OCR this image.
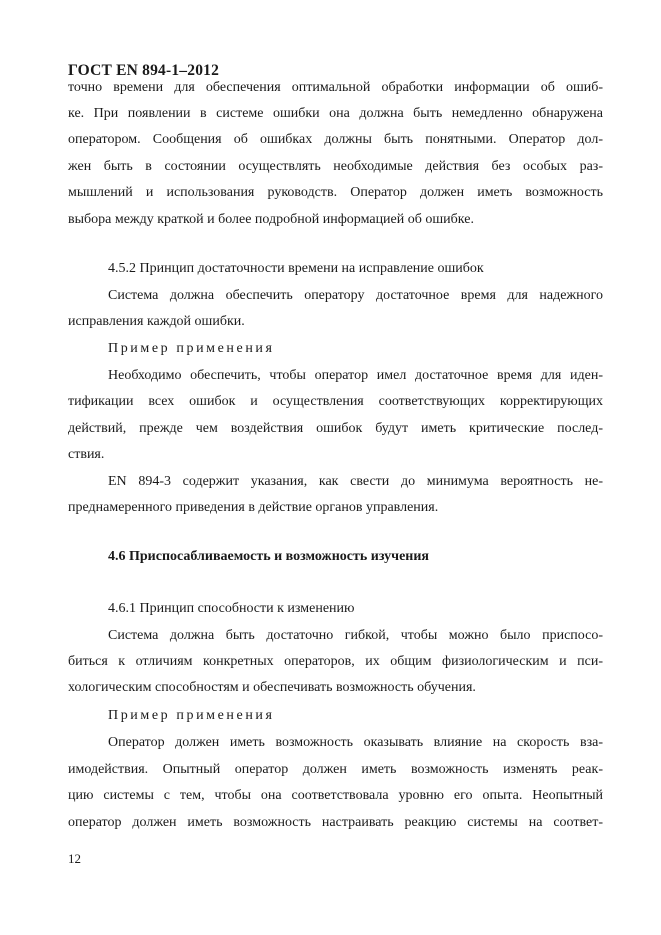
ГОСТ EN 894-1–2012
точно времени для обеспечения оптимальной обработки информации об ошиб-
ке. При появлении в системе ошибки она должна быть немедленно обнаружена
оператором. Сообщения об ошибках должны быть понятными. Оператор дол-
жен быть в состоянии осуществлять необходимые действия без особых раз-
мышлений и использования руководств. Оператор должен иметь возможность
выбора между краткой и более подробной информацией об ошибке.
4.5.2 Принцип достаточности времени на исправление ошибок
Система должна обеспечить оператору достаточное время для надежного
исправления каждой ошибки.
Пример применения
Необходимо обеспечить, чтобы оператор имел достаточное время для иден-
тификации всех ошибок и осуществления соответствующих корректирующих
действий, прежде чем воздействия ошибок будут иметь критические послед-
ствия.
EN 894-3 содержит указания, как свести до минимума вероятность не-
преднамеренного приведения в действие органов управления.
4.6 Приспосабливаемость и возможность изучения
4.6.1 Принцип способности к изменению
Система должна быть достаточно гибкой, чтобы можно было приспосо-
биться к отличиям конкретных операторов, их общим физиологическим и пси-
хологическим способностям и обеспечивать возможность обучения.
Пример применения
Оператор должен иметь возможность оказывать влияние на скорость вза-
имодействия. Опытный оператор должен иметь возможность изменять реак-
цию системы с тем, чтобы она соответствовала уровню его опыта. Неопытный
оператор должен иметь возможность настраивать реакцию системы на соответ-
12
